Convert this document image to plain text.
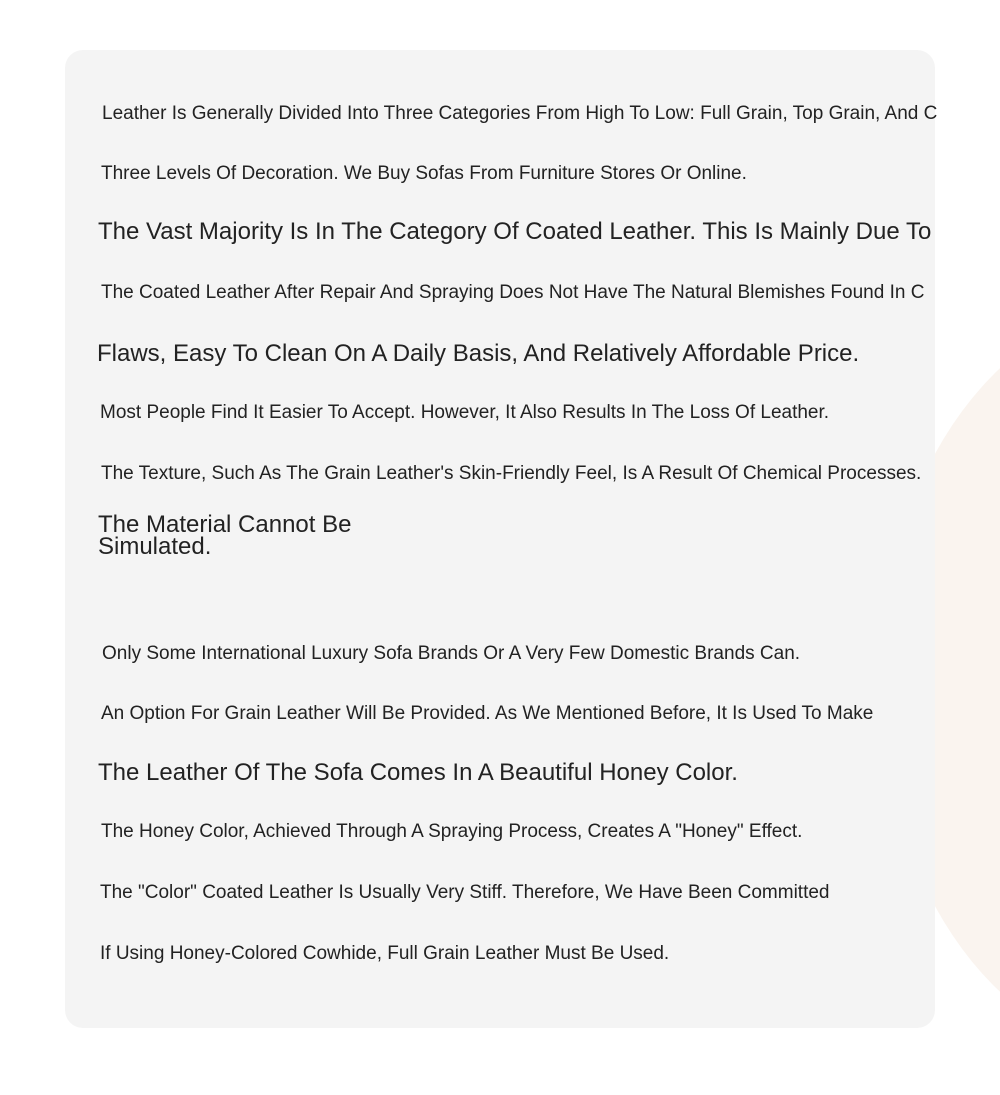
Leather Is Generally Divided Into Three Categories From High To Low: Full Grain, Top Grain, And C
Three Levels Of Decoration. We Buy Sofas From Furniture Stores Or Online.
The Vast Majority Is In The Category Of Coated Leather. This Is Mainly Due To
The Coated Leather After Repair And Spraying Does Not Have The Natural Blemishes Found In C
Flaws, Easy To Clean On A Daily Basis, And Relatively Affordable Price.
Most People Find It Easier To Accept. However, It Also Results In The Loss Of Leather.
The Texture, Such As The Grain Leather's Skin-Friendly Feel, Is A Result Of Chemical Processes.
The Material Cannot Be Simulated.
Only Some International Luxury Sofa Brands Or A Very Few Domestic Brands Can.
An Option For Grain Leather Will Be Provided. As We Mentioned Before, It Is Used To Make
The Leather Of The Sofa Comes In A Beautiful Honey Color.
The Honey Color, Achieved Through A Spraying Process, Creates A "Honey" Effect.
The "Color" Coated Leather Is Usually Very Stiff. Therefore, We Have Been Committed
If Using Honey-Colored Cowhide, Full Grain Leather Must Be Used.
